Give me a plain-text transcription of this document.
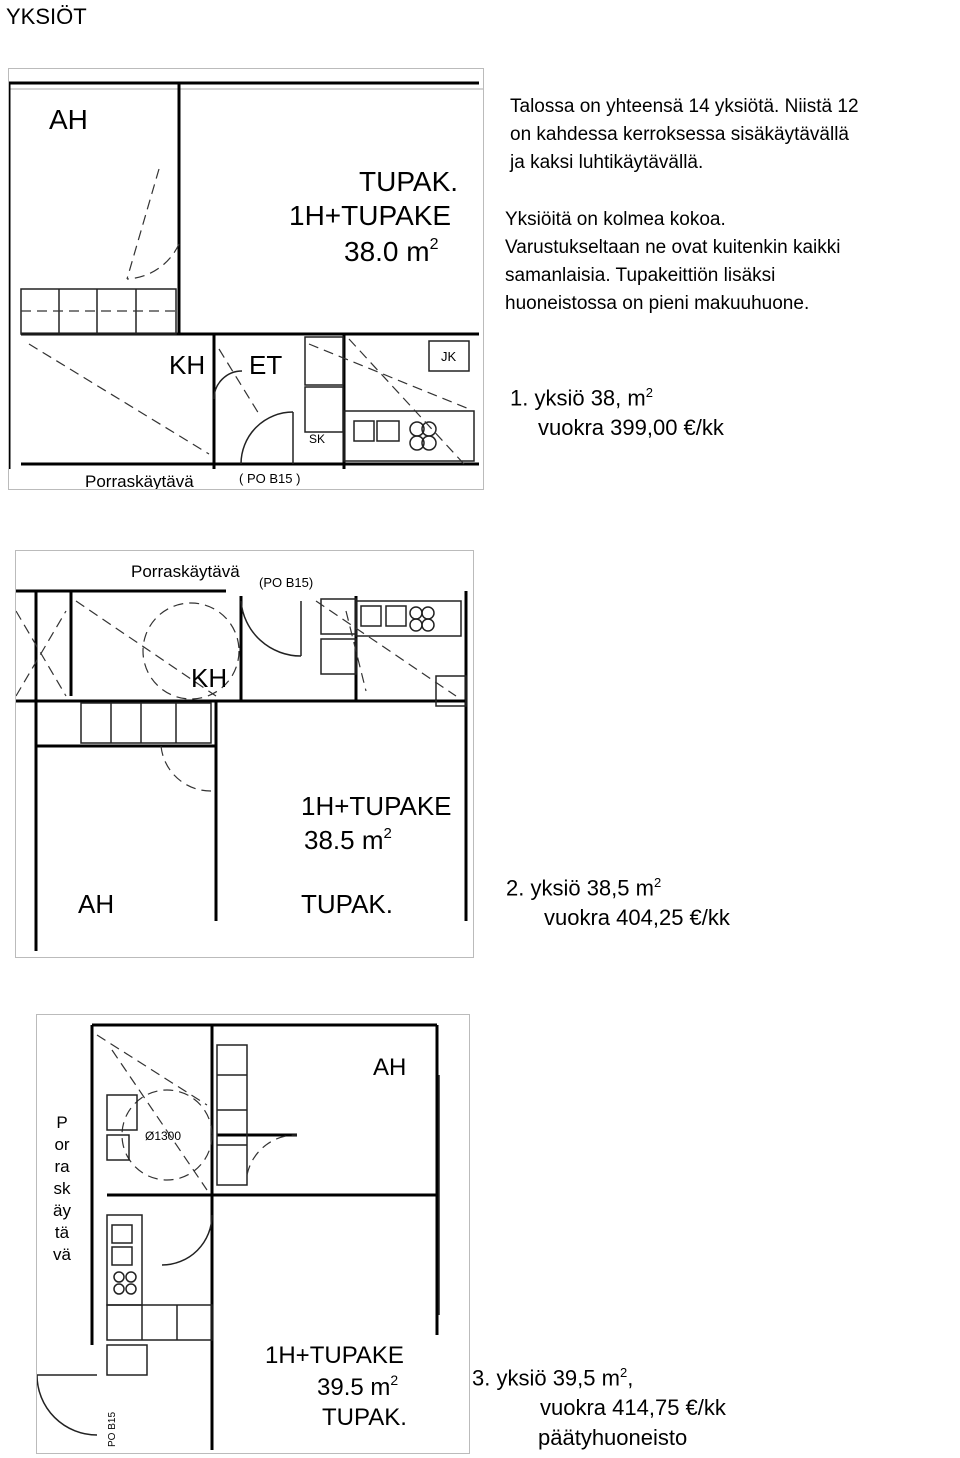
YKSIÖT
AH
TUPAK.
1H+TUPAKE
38.0 $m^2$
KH ET	JK
SK
Porraskäytävä	( PO B15 )
Talossa on yhteensä 14 yksiötä. Niistä 12
on kahdessa kerroksessa sisäkäytävällä
ja kaksi luhtikäytävällä.
Yksiöitä on kolmea kokoa.
Varustukseltaan ne ovat kuitenkin kaikki
samanlaisia. Tupakeittiön lisäksi
huoneistossa on pieni makuuhuone.
1. yksiö 38, $m^2$
vuokra 399,00 €/kk
Porraskäytävä
(PO B15)
KH
1H+TUPAKE
38.5 $m^2$
AH	TUPAK.
2. yksiö 38,5 $m^2$
vuokra 404,25 €/kk
AH
Ø1300
1H+TUPAKE
39.5 $m^2$
TUPAK.
PO B15
Porraskäytävä
3. yksiö 39,5 $m^2$,
vuokra 414,75 €/kk
päätyhuoneisto
